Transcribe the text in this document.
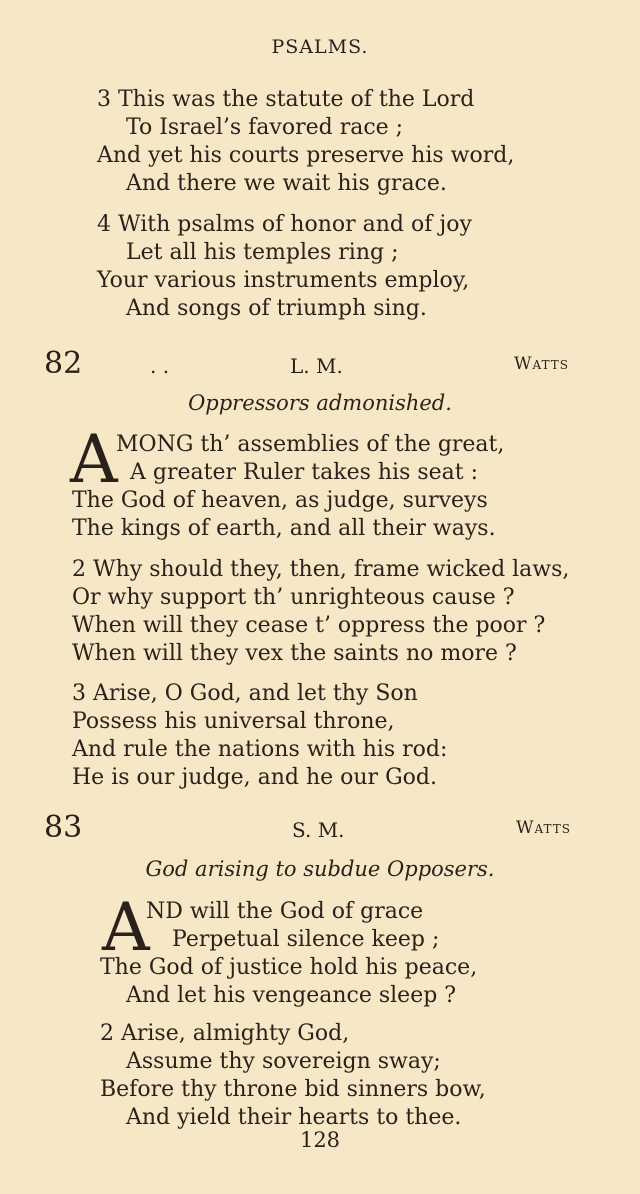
PSALMS.
3 This was the statute of the Lord
To Israel’s favored race ;
And yet his courts preserve his word,
And there we wait his grace.
4 With psalms of honor and of joy
Let all his temples ring ;
Your various instruments employ,
And songs of triumph sing.
82	. .	L. M.	Watts
Oppressors admonished.
A
MONG th’ assemblies of the great,
A greater Ruler takes his seat :
The God of heaven, as judge, surveys
The kings of earth, and all their ways.
2 Why should they, then, frame wicked laws,
Or why support th’ unrighteous cause ?
When will they cease t’ oppress the poor ?
When will they vex the saints no more ?
3 Arise, O God, and let thy Son
Possess his universal throne,
And rule the nations with his rod:
He is our judge, and he our God.
83	S. M.	Watts
God arising to subdue Opposers.
A
ND will the God of grace
Perpetual silence keep ;
The God of justice hold his peace,
And let his vengeance sleep ?
2 Arise, almighty God,
Assume thy sovereign sway;
Before thy throne bid sinners bow,
And yield their hearts to thee.
128
